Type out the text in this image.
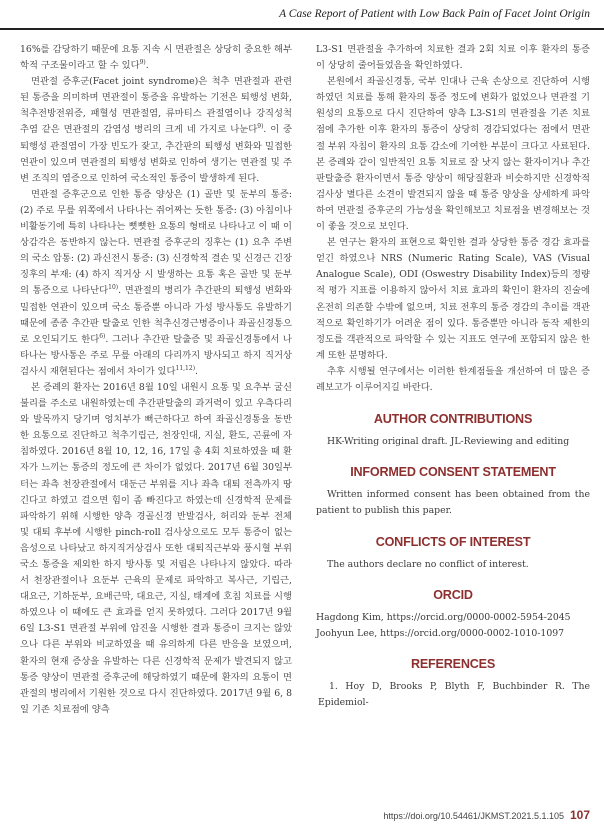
A Case Report of Patient with Low Back Pain of Facet Joint Origin

16%를 감당하기 때문에 요통 지속 시 면관절은 상당히 중요한 해부학적 구조물이라고 할 수 있다$^{9)}$.

면관절 증후군(Facet joint syndrome)은 척추 면관절과 관련된 통증을 의미하며 면관절이 통증을 유발하는 기전은 퇴행성 변화, 척추전방전위증, 패혈성 면관절염, 류마티스 관절염이나 강직성척추염 같은 면관절의 감염성 병리의 크게 네 가지로 나눈다$^{9)}$. 이 중 퇴행성 관절염이 가장 빈도가 잦고, 추간판의 퇴행성 변화와 밀접한 연관이 있으며 면관절의 퇴행성 변화로 인하여 생기는 면관절 및 주변 조직의 염증으로 인하여 국소적인 통증이 발생하게 된다.

면관절 증후군으로 인한 통증 양상은 (1) 골반 및 둔부의 통증: (2) 주로 무릎 위쪽에서 나타나는 쥐어짜는 듯한 통증: (3) 아침이나 비활동기에 특히 나타나는 뻣뻣한 요통의 형태로 나타나고 이 때 이상감각은 동반하지 않는다. 면관절 증후군의 징후는 (1) 요추 주변의 국소 압통: (2) 과신전시 통증: (3) 신경학적 결손 및 신경근 긴장 징후의 부재: (4) 하지 직거상 시 발생하는 요통 혹은 골반 및 둔부의 통증으로 나타난다$^{10)}$. 면관절의 병리가 추간판의 퇴행성 변화와 밀접한 연관이 있으며 국소 통증뿐 아니라 가성 방사통도 유발하기 때문에 종종 추간판 탈출로 인한 척추신경근병증이나 좌골신경통으로 오인되기도 한다$^{6)}$. 그러나 추간판 탈출증 및 좌골신경통에서 나타나는 방사통은 주로 무릎 아래의 다리까지 방사되고 하지 직거상 검사시 재현된다는 점에서 차이가 있다$^{11,12)}$.

본 증례의 환자는 2016년 8월 10일 내원시 요통 및 요추부 굴신불리를 주소로 내원하였는데 추간판탈출의 과거력이 있고 우측다리와 발목까지 당기며 엉치부가 뻐근하다고 하여 좌골신경통을 동반한 요통으로 진단하고 척추기립근, 천장인대, 지실, 환도, 곤륜에 자침하였다. 2016년 8월 10, 12, 16, 17일 총 4회 치료하였을 때 환자가 느끼는 통증의 정도에 큰 차이가 없었다. 2017년 6월 30일부터는 좌측 천장관절에서 대둔근 부위를 지나 좌측 대퇴 전측까지 땅긴다고 하였고 걸으면 힘이 좀 빠진다고 하였는데 신경학적 문제를 파악하기 위해 시행한 양측 경골신경 반발검사, 허리와 둔부 전체 및 대퇴 후부에 시행한 pinch-roll 검사상으로도 모두 통증이 없는 음성으로 나타났고 하지직거상검사 또한 대퇴직근부와 풍시혈 부위 국소 통증을 제외한 하지 방사통 및 저림은 나타나지 않았다. 따라서 천장관절이나 요둔부 근육의 문제로 파악하고 복사근, 기립근, 대요근, 기하둔부, 요배근막, 대요근, 지실, 태계에 호침 치료를 시행하였으나 이 때에도 큰 효과를 얻지 못하였다. 그러다 2017년 9월 6일 L3-S1 면관절 부위에 압진을 시행한 결과 통증이 크지는 않았으나 다른 부위와 비교하였을 때 유의하게 다른 반응을 보였으며, 환자의 현재 증상을 유발하는 다른 신경학적 문제가 발견되지 않고 통증 양상이 면관절 증후군에 해당하였기 때문에 환자의 요통이 면관절의 병리에서 기원한 것으로 다시 진단하였다. 2017년 9월 6, 8일 기존 치료점에 양측

L3-S1 면관절을 추가하여 치료한 결과 2회 치료 이후 환자의 통증이 상당히 줄어들었음을 확인하였다.

본원에서 좌골신경통, 국부 인대나 근육 손상으로 진단하여 시행하였던 치료를 통해 환자의 통증 정도에 변화가 없었으나 면관절 기원성의 요통으로 다시 진단하여 양측 L3-S1의 면관절을 기존 치료점에 추가한 이후 환자의 통증이 상당히 경감되었다는 점에서 면관절 부위 자침이 환자의 요통 감소에 기여한 부분이 크다고 사료된다. 본 증례와 같이 일반적인 요통 치료로 잘 낫지 않는 환자이거나 추간판탈출증 환자이면서 통증 양상이 해당질환과 비슷하지만 신경학적 검사상 별다른 소견이 발견되지 않을 때 통증 양상을 상세하게 파악하여 면관절 증후군의 가능성을 확인해보고 치료점을 변경해보는 것이 좋을 것으로 보인다.

본 연구는 환자의 표현으로 확인한 결과 상당한 통증 경감 효과를 얻긴 하였으나 NRS (Numeric Rating Scale), VAS (Visual Analogue Scale), ODI (Oswestry Disability Index)등의 정량적 평가 지표를 이용하지 않아서 치료 효과의 확인이 환자의 진술에 온전히 의존할 수밖에 없으며, 치료 전후의 통증 경감의 추이를 객관적으로 확인하기가 어려운 점이 있다. 통증뿐만 아니라 동작 제한의 정도를 객관적으로 파악할 수 있는 지표도 연구에 포함되지 않은 한계 또한 분명하다.

추후 시행될 연구에서는 이러한 한계점들을 개선하여 더 많은 증례보고가 이루어지길 바란다.

AUTHOR CONTRIBUTIONS

HK-Writing original draft. JL-Reviewing and editing

INFORMED CONSENT STATEMENT

Written informed consent has been obtained from the patient to publish this paper.

CONFLICTS OF INTEREST

The authors declare no conflict of interest.

ORCID

Hagdong Kim, https://orcid.org/0000-0002-5954-2045

Joohyun Lee, https://orcid.org/0000-0002-1010-1097

REFERENCES

1. Hoy D, Brooks P, Blyth F, Buchbinder R. The Epidemiol-

https://doi.org/10.54461/JKMST.2021.5.1.105 107
